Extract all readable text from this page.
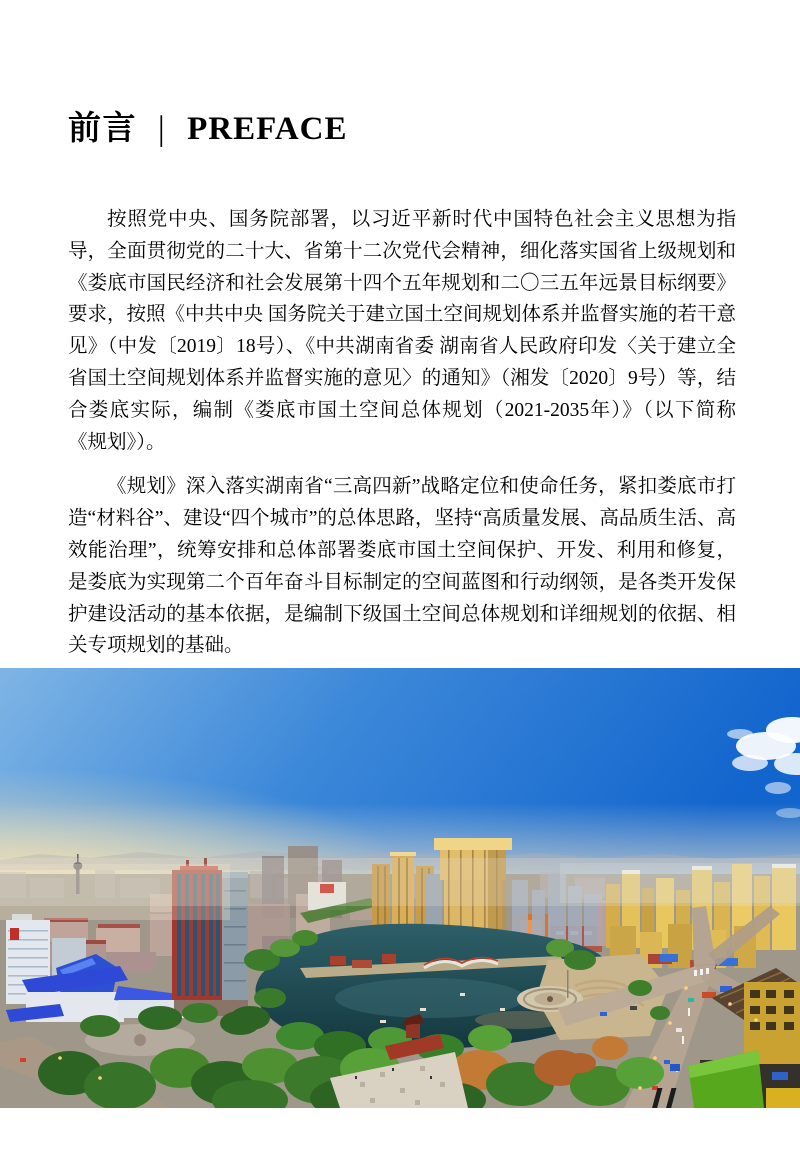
前言 | PREFACE

按照党中央、国务院部署，以习近平新时代中国特色社会主义思想为指导，全面贯彻党的二十大、省第十二次党代会精神，细化落实国省上级规划和《娄底市国民经济和社会发展第十四个五年规划和二〇三五年远景目标纲要》要求，按照《中共中央 国务院关于建立国土空间规划体系并监督实施的若干意见》（中发〔2019〕18号）、《中共湖南省委 湖南省人民政府印发〈关于建立全省国土空间规划体系并监督实施的意见〉的通知》（湘发〔2020〕9号）等，结合娄底实际，编制《娄底市国土空间总体规划（2021-2035年）》（以下简称《规划》）。

《规划》深入落实湖南省“三高四新”战略定位和使命任务，紧扣娄底市打造“材料谷”、建设“四个城市”的总体思路，坚持“高质量发展、高品质生活、高效能治理”，统筹安排和总体部署娄底市国土空间保护、开发、利用和修复，是娄底为实现第二个百年奋斗目标制定的空间蓝图和行动纲领，是各类开发保护建设活动的基本依据，是编制下级国土空间总体规划和详细规划的依据、相关专项规划的基础。
